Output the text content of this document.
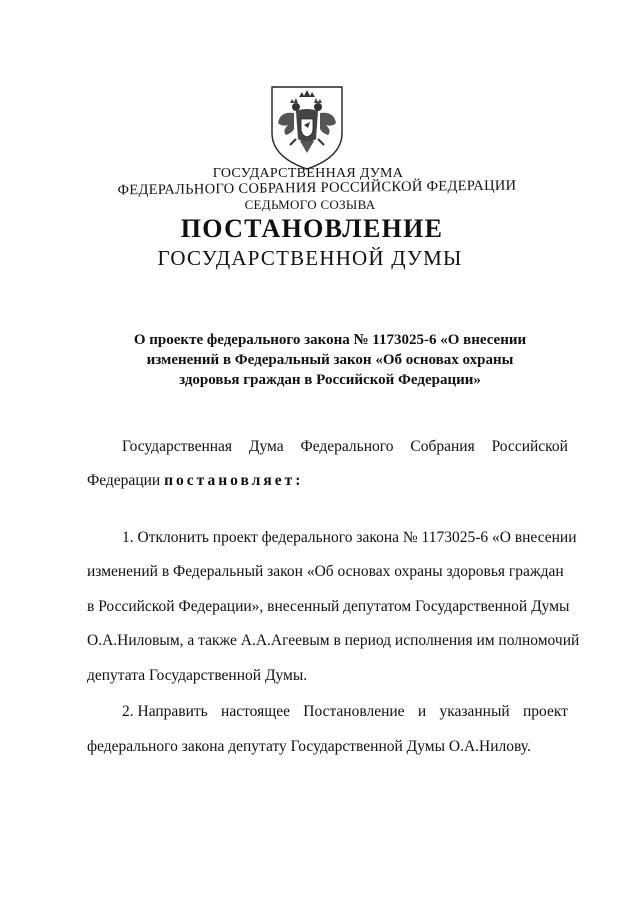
ГОСУДАРСТВЕННАЯ ДУМА
ФЕДЕРАЛЬНОГО СОБРАНИЯ РОССИЙСКОЙ ФЕДЕРАЦИИ
СЕДЬМОГО СОЗЫВА
ПОСТАНОВЛЕНИЕ
ГОСУДАРСТВЕННОЙ ДУМЫ
О проекте федерального закона № 1173025-6 «О внесении
изменений в Федеральный закон «Об основах охраны
здоровья граждан в Российской Федерации»
Государственная Дума Федерального Собрания Российской
Федерации постановляет:
1. Отклонить проект федерального закона № 1173025-6 «О внесении
изменений в Федеральный закон «Об основах охраны здоровья граждан
в Российской Федерации», внесенный депутатом Государственной Думы
О.А.Ниловым, а также А.А.Агеевым в период исполнения им полномочий
депутата Государственной Думы.
2. Направить настоящее Постановление и указанный проект
федерального закона депутату Государственной Думы О.А.Нилову.
